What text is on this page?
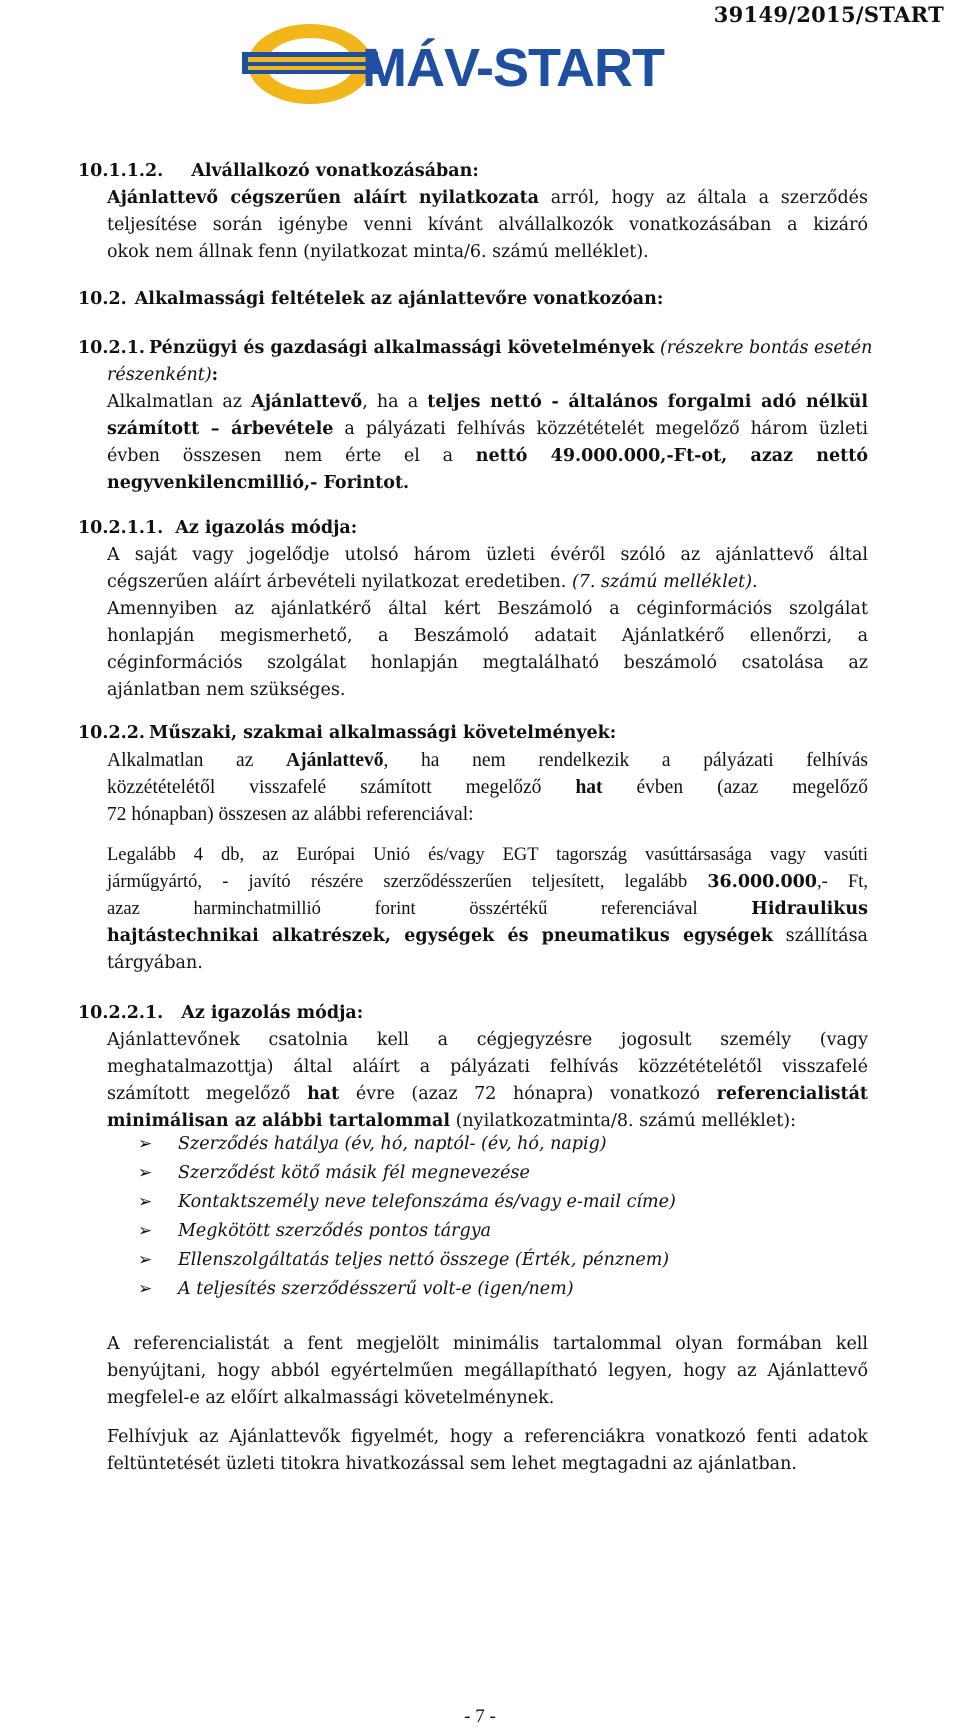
39149/2015/START
MÁV-START
10.1.1.2. Alvállalkozó vonatkozásában:
Ajánlattevő cégszerűen aláírt nyilatkozata arról, hogy az általa a szerződés
teljesítése során igénybe venni kívánt alvállalkozók vonatkozásában a kizáró
okok nem állnak fenn (nyilatkozat minta/6. számú melléklet).
10.2. Alkalmassági feltételek az ajánlattevőre vonatkozóan:
10.2.1. Pénzügyi és gazdasági alkalmassági követelmények (részekre bontás esetén
részenként):
Alkalmatlan az Ajánlattevő, ha a teljes nettó - általános forgalmi adó nélkül
számított – árbevétele a pályázati felhívás közzétételét megelőző három üzleti
évben összesen nem érte el a nettó 49.000.000,-Ft-ot, azaz nettó
negyvenkilencmillió,- Forintot.
10.2.1.1. Az igazolás módja:
A saját vagy jogelődje utolsó három üzleti évéről szóló az ajánlattevő által
cégszerűen aláírt árbevételi nyilatkozat eredetiben. (7. számú melléklet).
Amennyiben az ajánlatkérő által kért Beszámoló a céginformációs szolgálat
honlapján megismerhető, a Beszámoló adatait Ajánlatkérő ellenőrzi, a
céginformációs szolgálat honlapján megtalálható beszámoló csatolása az
ajánlatban nem szükséges.
10.2.2. Műszaki, szakmai alkalmassági követelmények:
Alkalmatlan az Ajánlattevő, ha nem rendelkezik a pályázati felhívás
közzétételétől visszafelé számított megelőző hat évben (azaz megelőző
72 hónapban) összesen az alábbi referenciával:
Legalább 4 db, az Európai Unió és/vagy EGT tagország vasúttársasága vagy vasúti
járműgyártó, - javító részére szerződésszerűen teljesített, legalább 36.000.000,- Ft,
azaz harminchatmillió forint összértékű referenciával Hidraulikus
hajtástechnikai alkatrészek, egységek és pneumatikus egységek szállítása
tárgyában.
10.2.2.1. Az igazolás módja:
Ajánlattevőnek csatolnia kell a cégjegyzésre jogosult személy (vagy
meghatalmazottja) által aláírt a pályázati felhívás közzétételétől visszafelé
számított megelőző hat évre (azaz 72 hónapra) vonatkozó referencialistát
minimálisan az alábbi tartalommal (nyilatkozatminta/8. számú melléklet):
➢ Szerződés hatálya (év, hó, naptól- (év, hó, napig)
➢ Szerződést kötő másik fél megnevezése
➢ Kontaktszemély neve telefonszáma és/vagy e-mail címe)
➢ Megkötött szerződés pontos tárgya
➢ Ellenszolgáltatás teljes nettó összege (Érték, pénznem)
➢ A teljesítés szerződésszerű volt-e (igen/nem)
A referencialistát a fent megjelölt minimális tartalommal olyan formában kell
benyújtani, hogy abból egyértelműen megállapítható legyen, hogy az Ajánlattevő
megfelel-e az előírt alkalmassági követelménynek.
Felhívjuk az Ajánlattevők figyelmét, hogy a referenciákra vonatkozó fenti adatok
feltüntetését üzleti titokra hivatkozással sem lehet megtagadni az ajánlatban.
- 7 -
